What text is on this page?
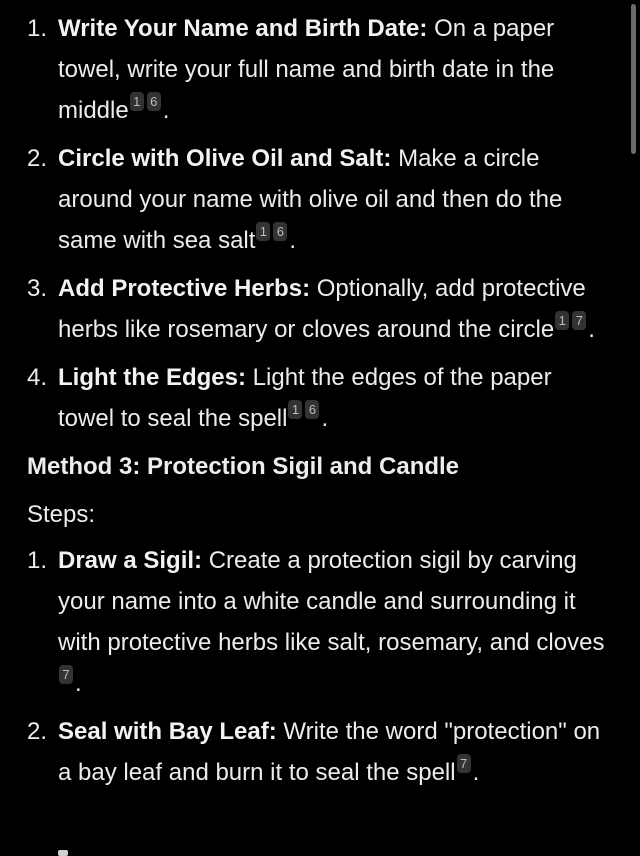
1. Write Your Name and Birth Date: On a paper towel, write your full name and birth date in the middle 1 6 .
2. Circle with Olive Oil and Salt: Make a circle around your name with olive oil and then do the same with sea salt 1 6 .
3. Add Protective Herbs: Optionally, add protective herbs like rosemary or cloves around the circle 1 7 .
4. Light the Edges: Light the edges of the paper towel to seal the spell 1 6 .
Method 3: Protection Sigil and Candle
Steps:
1. Draw a Sigil: Create a protection sigil by carving your name into a white candle and surrounding it with protective herbs like salt, rosemary, and cloves7 .
2. Seal with Bay Leaf: Write the word "protection" on a bay leaf and burn it to seal the spell 7 .
